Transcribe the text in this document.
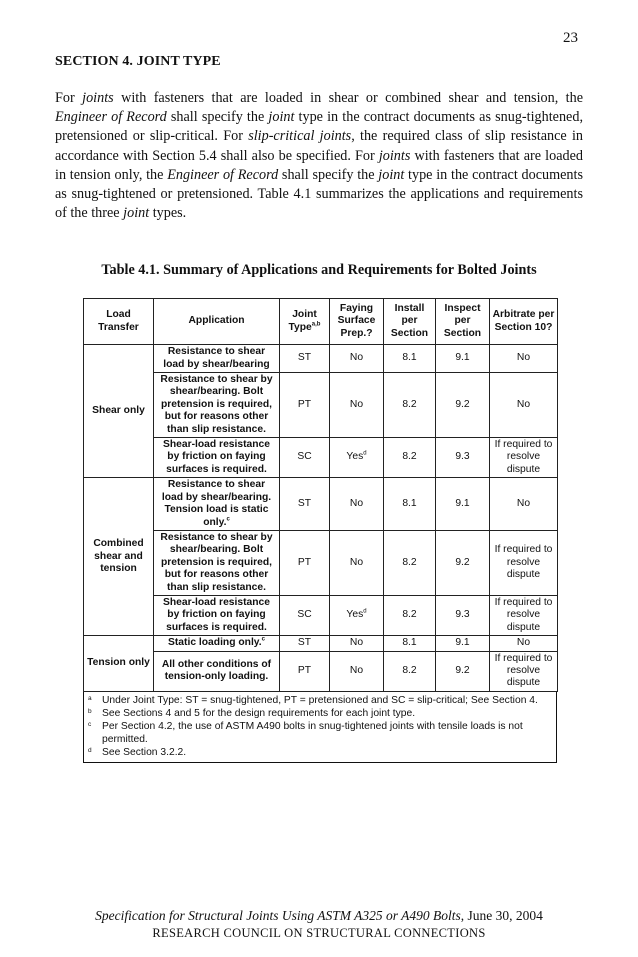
23
SECTION 4. JOINT TYPE

For joints with fasteners that are loaded in shear or combined shear and tension, the Engineer of Record shall specify the joint type in the contract documents as snug-tightened, pretensioned or slip-critical. For slip-critical joints, the required class of slip resistance in accordance with Section 5.4 shall also be specified. For joints with fasteners that are loaded in tension only, the Engineer of Record shall specify the joint type in the contract documents as snug-tightened or pretensioned. Table 4.1 summarizes the applications and requirements of the three joint types.

Table 4.1. Summary of Applications and Requirements for Bolted Joints
Load Transfer	Application	Joint Type$^{a,b}$	Faying Surface Prep.?	Install per Section	Inspect per Section	Arbitrate per Section 10?
Shear only	Resistance to shear load by shear/bearing	ST	No	8.1	9.1	No
	Resistance to shear by shear/bearing. Bolt pretension is required, but for reasons other than slip resistance.	PT	No	8.2	9.2	No
	Shear-load resistance by friction on faying surfaces is required.	SC	Yes$^d$	8.2	9.3	If required to resolve dispute
Combined shear and tension	Resistance to shear load by shear/bearing. Tension load is static only.$^c$	ST	No	8.1	9.1	No
	Resistance to shear by shear/bearing. Bolt pretension is required, but for reasons other than slip resistance.	PT	No	8.2	9.2	If required to resolve dispute
	Shear-load resistance by friction on faying surfaces is required.	SC	Yes$^d$	8.2	9.3	If required to resolve dispute
Tension only	Static loading only.$^c$	ST	No	8.1	9.1	No
	All other conditions of tension-only loading.	PT	No	8.2	9.2	If required to resolve dispute
a	Under Joint Type: ST = snug-tightened, PT = pretensioned and SC = slip-critical; See Section 4.
b	See Sections 4 and 5 for the design requirements for each joint type.
c	Per Section 4.2, the use of ASTM A490 bolts in snug-tightened joints with tensile loads is not permitted.
d	See Section 3.2.2.
Specification for Structural Joints Using ASTM A325 or A490 Bolts, June 30, 2004
RESEARCH COUNCIL ON STRUCTURAL CONNECTIONS
